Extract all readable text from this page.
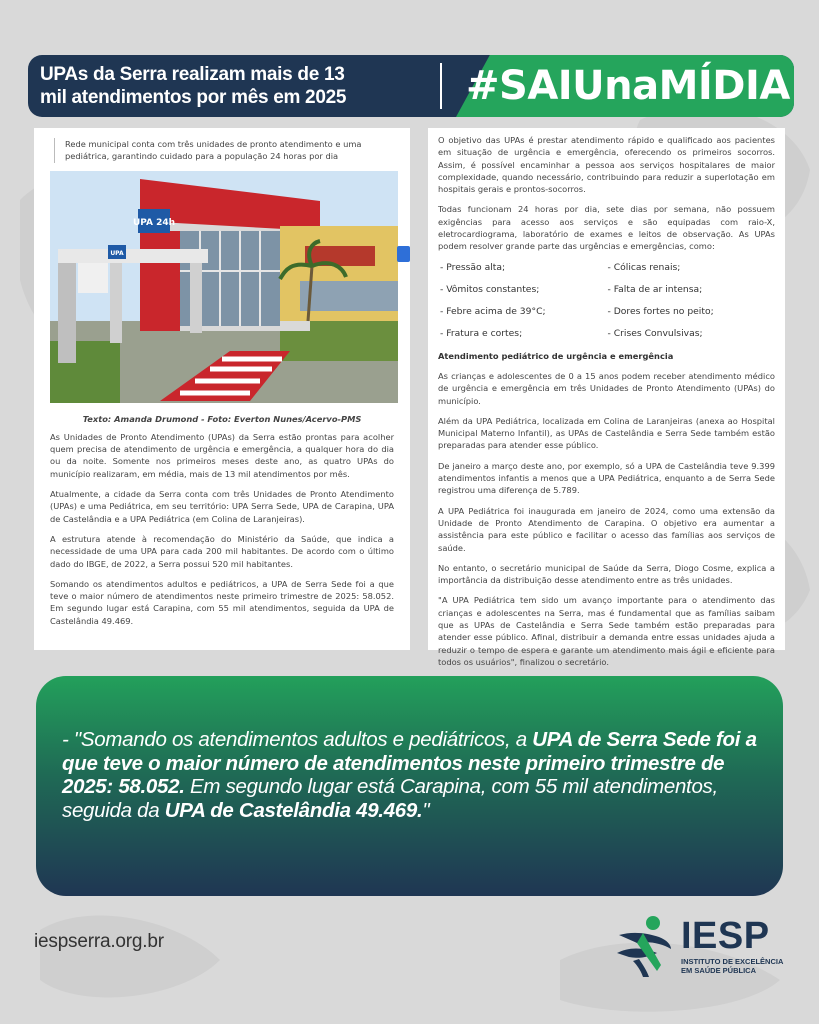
UPAs da Serra realizam mais de 13
mil atendimentos por mês em 2025	#SAIUnaMÍDIA

Rede municipal conta com três unidades de pronto atendimento e uma pediátrica, garantindo cuidado para a população 24 horas por dia

UPA 24h
UPA

Texto: Amanda Drumond - Foto: Everton Nunes/Acervo-PMS

As Unidades de Pronto Atendimento (UPAs) da Serra estão prontas para acolher quem precisa de atendimento de urgência e emergência, a qualquer hora do dia ou da noite. Somente nos primeiros meses deste ano, as quatro UPAs do município realizaram, em média, mais de 13 mil atendimentos por mês.

Atualmente, a cidade da Serra conta com três Unidades de Pronto Atendimento (UPAs) e uma Pediátrica, em seu território: UPA Serra Sede, UPA de Carapina, UPA de Castelândia e a UPA Pediátrica (em Colina de Laranjeiras).

A estrutura atende à recomendação do Ministério da Saúde, que indica a necessidade de uma UPA para cada 200 mil habitantes. De acordo com o último dado do IBGE, de 2022, a Serra possui 520 mil habitantes.

Somando os atendimentos adultos e pediátricos, a UPA de Serra Sede foi a que teve o maior número de atendimentos neste primeiro trimestre de 2025: 58.052. Em segundo lugar está Carapina, com 55 mil atendimentos, seguida da UPA de Castelândia 49.469.

O objetivo das UPAs é prestar atendimento rápido e qualificado aos pacientes em situação de urgência e emergência, oferecendo os primeiros socorros. Assim, é possível encaminhar a pessoa aos serviços hospitalares de maior complexidade, quando necessário, contribuindo para reduzir a superlotação em hospitais gerais e prontos-socorros.

Todas funcionam 24 horas por dia, sete dias por semana, não possuem exigências para acesso aos serviços e são equipadas com raio-X, eletrocardiograma, laboratório de exames e leitos de observação. As UPAs podem resolver grande parte das urgências e emergências, como:

- Pressão alta;	- Cólicas renais;
- Vômitos constantes;	- Falta de ar intensa;
- Febre acima de 39°C;	- Dores fortes no peito;
- Fratura e cortes;	- Crises Convulsivas;

Atendimento pediátrico de urgência e emergência

As crianças e adolescentes de 0 a 15 anos podem receber atendimento médico de urgência e emergência em três Unidades de Pronto Atendimento (UPAs) do município.

Além da UPA Pediátrica, localizada em Colina de Laranjeiras (anexa ao Hospital Municipal Materno Infantil), as UPAs de Castelândia e Serra Sede também estão preparadas para atender esse público.

De janeiro a março deste ano, por exemplo, só a UPA de Castelândia teve 9.399 atendimentos infantis a menos que a UPA Pediátrica, enquanto a de Serra Sede registrou uma diferença de 5.789.

A UPA Pediátrica foi inaugurada em janeiro de 2024, como uma extensão da Unidade de Pronto Atendimento de Carapina. O objetivo era aumentar a assistência para este público e facilitar o acesso das famílias aos serviços de saúde.

No entanto, o secretário municipal de Saúde da Serra, Diogo Cosme, explica a importância da distribuição desse atendimento entre as três unidades.

"A UPA Pediátrica tem sido um avanço importante para o atendimento das crianças e adolescentes na Serra, mas é fundamental que as famílias saibam que as UPAs de Castelândia e Serra Sede também estão preparadas para atender esse público. Afinal, distribuir a demanda entre essas unidades ajuda a reduzir o tempo de espera e garante um atendimento mais ágil e eficiente para todos os usuários", finalizou o secretário.

- "Somando os atendimentos adultos e pediátricos, a UPA de Serra Sede foi a que teve o maior número de atendimentos neste primeiro trimestre de 2025: 58.052. Em segundo lugar está Carapina, com 55 mil atendimentos, seguida da UPA de Castelândia 49.469."
iespserra.org.br	IESP
INSTITUTO DE EXCELÊNCIA
EM SAÚDE PÚBLICA
